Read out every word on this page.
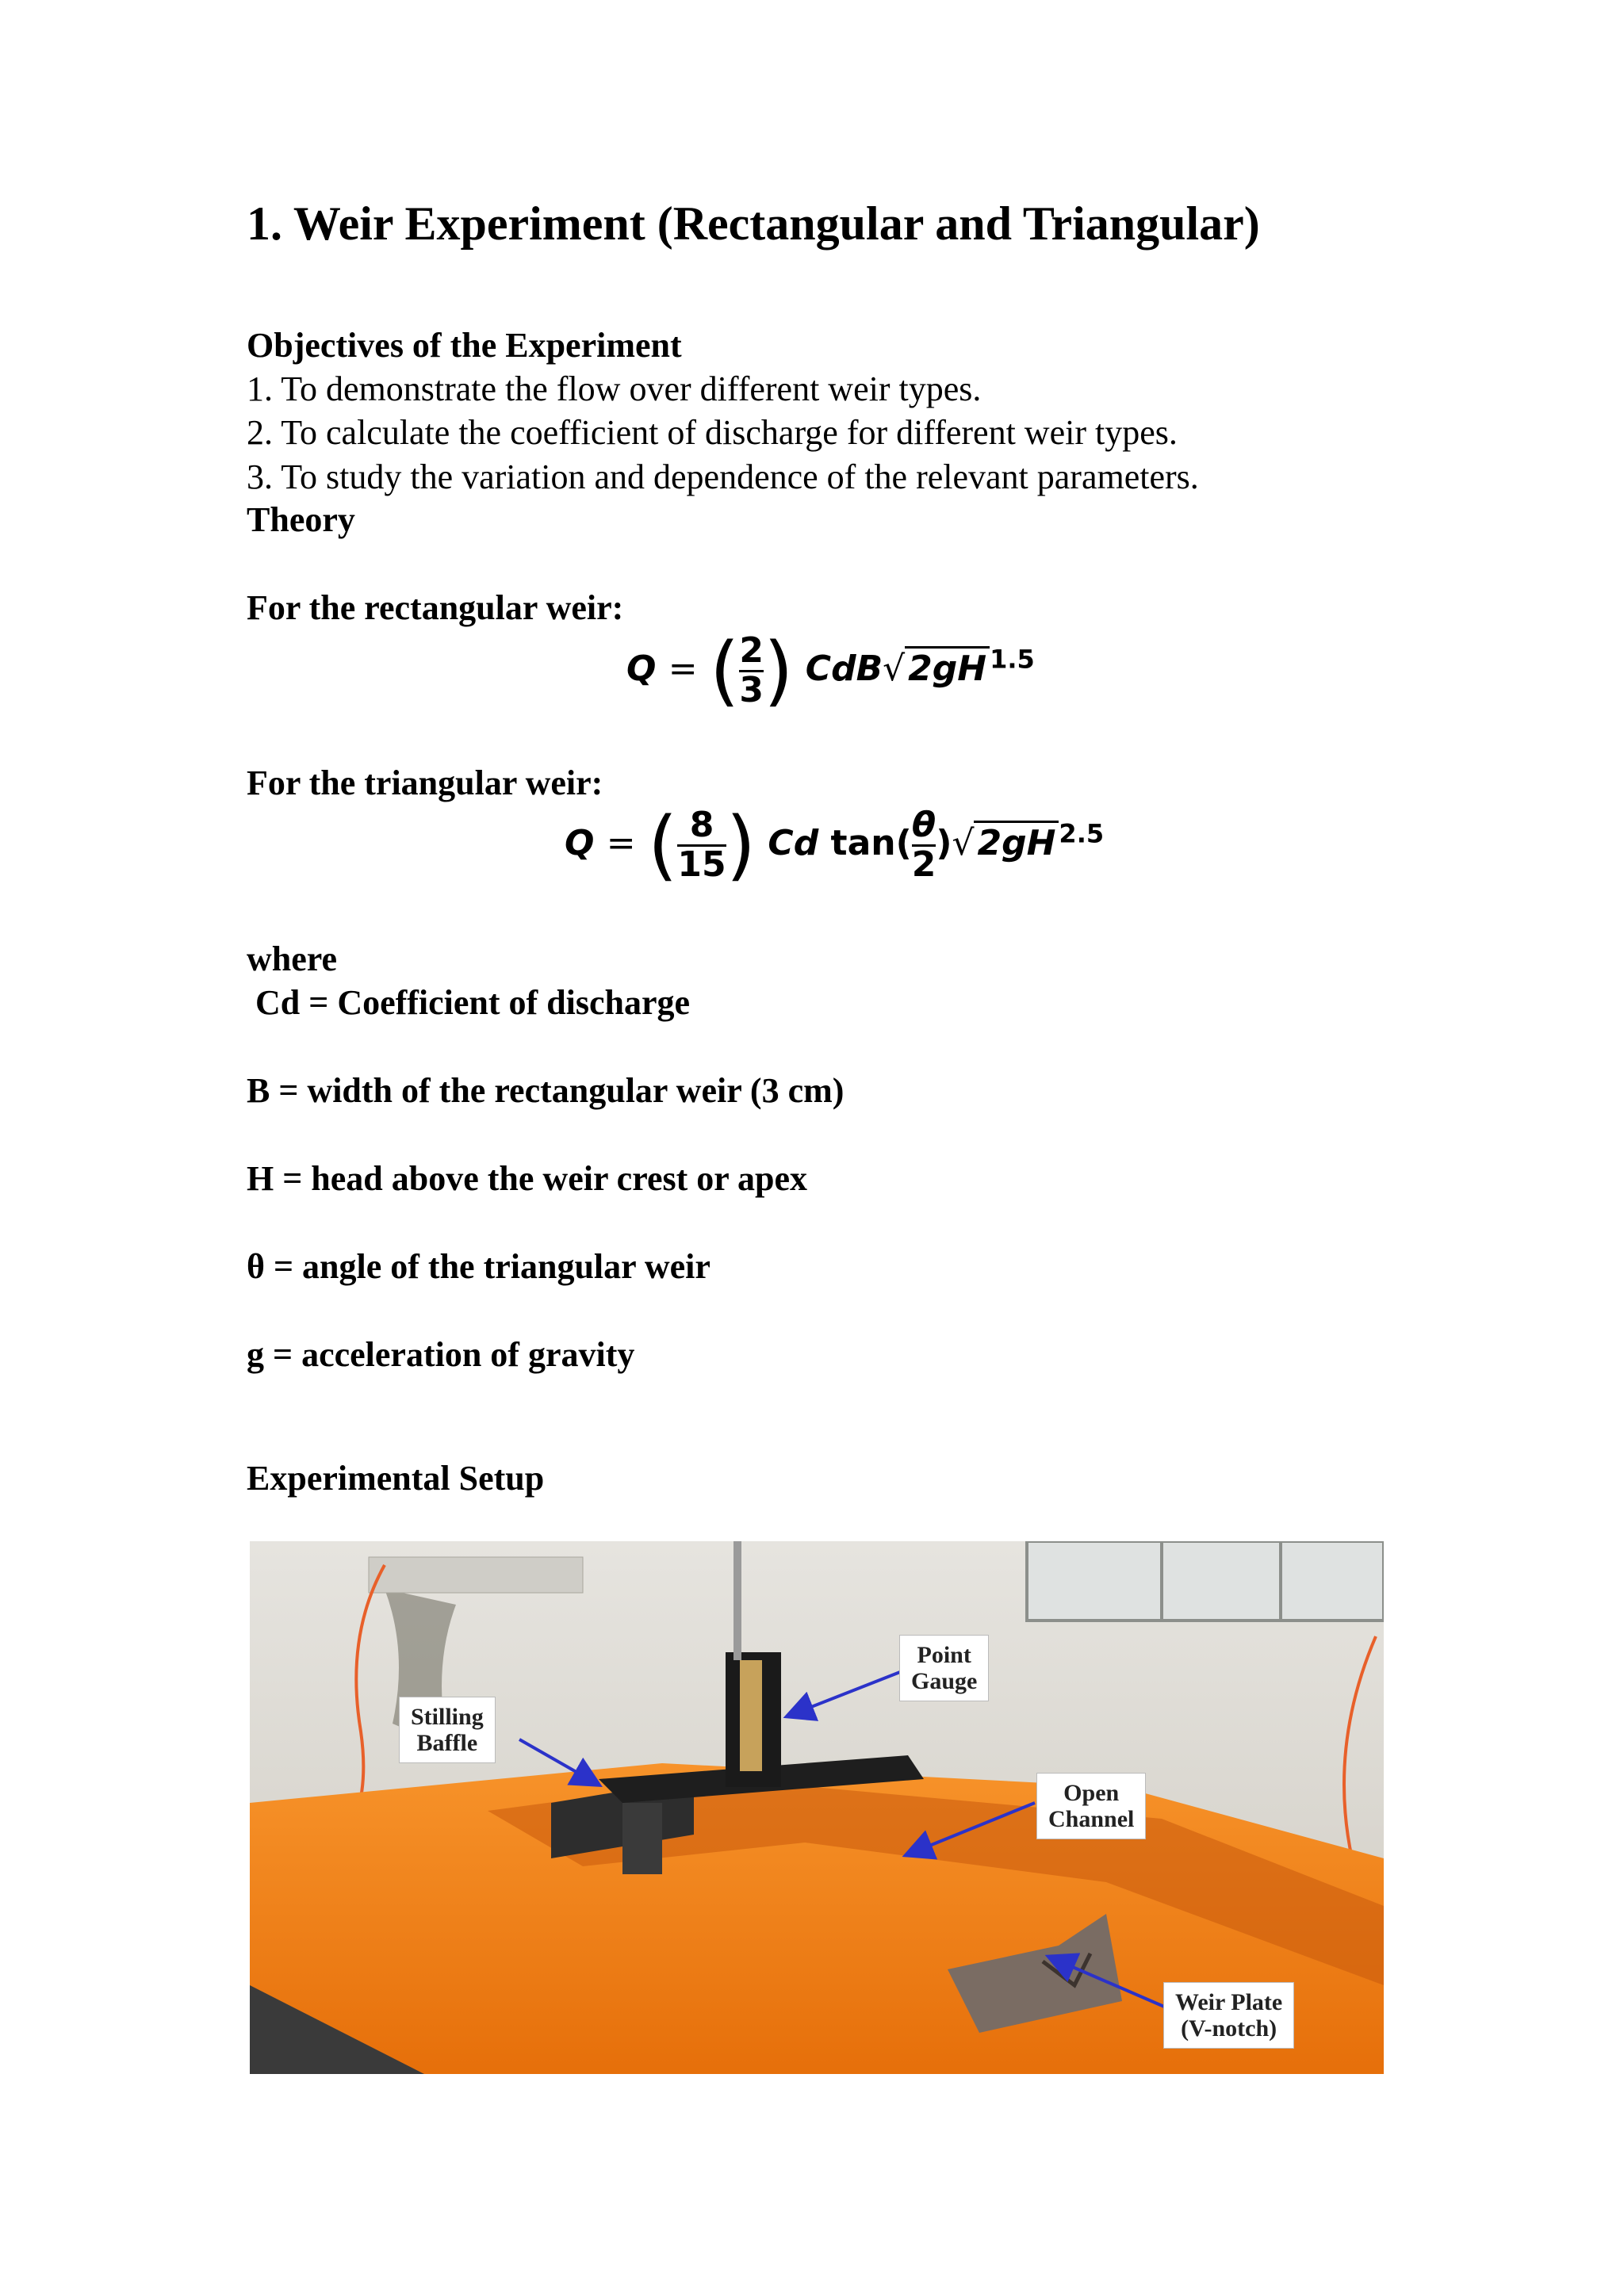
1. Weir Experiment (Rectangular and Triangular)
Objectives of the Experiment
1. To demonstrate the flow over different weir types.
2. To calculate the coefficient of discharge for different weir types.
3. To study the variation and dependence of the relevant parameters.
Theory
For the rectangular weir:
Q = ( $\frac{2}{3}$ ) CdB√2gH $^{1.5}$
For the triangular weir:
Q = ( $\frac{8}{15}$ ) Cd $\tan( \frac{\theta}{2} )√2gH$ $^{2.5}$
where
Cd = Coefficient of discharge
B = width of the rectangular weir (3 cm)
H = head above the weir crest or apex
θ = angle of the triangular weir
g = acceleration of gravity
Experimental Setup
Point
Gauge
Stilling
Baffle
Open
Channel
Weir Plate
(V-notch)
